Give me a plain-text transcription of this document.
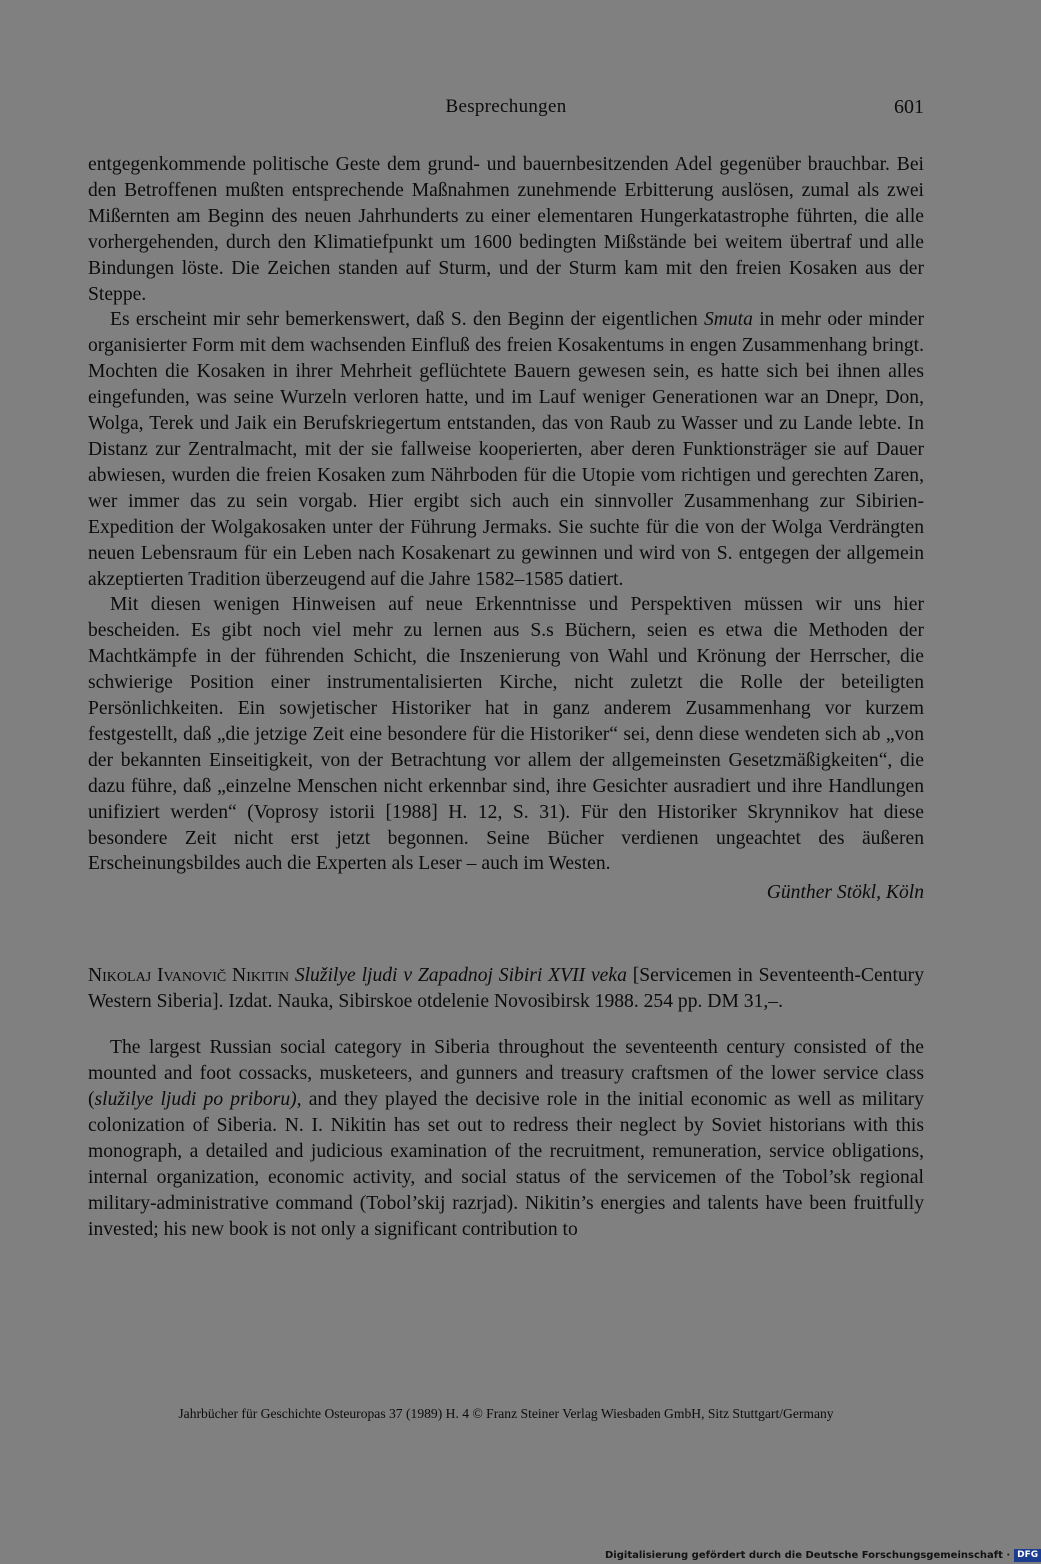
Besprechungen	601

entgegenkommende politische Geste dem grund- und bauernbesitzenden Adel gegenüber brauchbar. Bei den Betroffenen mußten entsprechende Maßnahmen zunehmende Erbitterung auslösen, zumal als zwei Mißernten am Beginn des neuen Jahrhunderts zu einer elementaren Hungerkatastrophe führten, die alle vorhergehenden, durch den Klimatiefpunkt um 1600 bedingten Mißstände bei weitem übertraf und alle Bindungen löste. Die Zeichen standen auf Sturm, und der Sturm kam mit den freien Kosaken aus der Steppe.

Es erscheint mir sehr bemerkenswert, daß S. den Beginn der eigentlichen Smuta in mehr oder minder organisierter Form mit dem wachsenden Einfluß des freien Kosakentums in engen Zusammenhang bringt. Mochten die Kosaken in ihrer Mehrheit geflüchtete Bauern gewesen sein, es hatte sich bei ihnen alles eingefunden, was seine Wurzeln verloren hatte, und im Lauf weniger Generationen war an Dnepr, Don, Wolga, Terek und Jaik ein Berufskriegertum entstanden, das von Raub zu Wasser und zu Lande lebte. In Distanz zur Zentralmacht, mit der sie fallweise kooperierten, aber deren Funktionsträger sie auf Dauer abwiesen, wurden die freien Kosaken zum Nährboden für die Utopie vom richtigen und gerechten Zaren, wer immer das zu sein vorgab. Hier ergibt sich auch ein sinnvoller Zusammenhang zur Sibirien-Expedition der Wolgakosaken unter der Führung Jermaks. Sie suchte für die von der Wolga Verdrängten neuen Lebensraum für ein Leben nach Kosakenart zu gewinnen und wird von S. entgegen der allgemein akzeptierten Tradition überzeugend auf die Jahre 1582–1585 datiert.

Mit diesen wenigen Hinweisen auf neue Erkenntnisse und Perspektiven müssen wir uns hier bescheiden. Es gibt noch viel mehr zu lernen aus S.s Büchern, seien es etwa die Methoden der Machtkämpfe in der führenden Schicht, die Inszenierung von Wahl und Krönung der Herrscher, die schwierige Position einer instrumentalisierten Kirche, nicht zuletzt die Rolle der beteiligten Persönlichkeiten. Ein sowjetischer Historiker hat in ganz anderem Zusammenhang vor kurzem festgestellt, daß „die jetzige Zeit eine besondere für die Historiker“ sei, denn diese wendeten sich ab „von der bekannten Einseitigkeit, von der Betrachtung vor allem der allgemeinsten Gesetzmäßigkeiten“, die dazu führe, daß „einzelne Menschen nicht erkennbar sind, ihre Gesichter ausradiert und ihre Handlungen unifiziert werden“ (Voprosy istorii [1988] H. 12, S. 31). Für den Historiker Skrynnikov hat diese besondere Zeit nicht erst jetzt begonnen. Seine Bücher verdienen ungeachtet des äußeren Erscheinungsbildes auch die Experten als Leser – auch im Westen.

Günther Stökl, Köln
Nikolaj Ivanovič Nikitin Služilye ljudi v Zapadnoj Sibiri XVII veka [Servicemen in Seventeenth-Century Western Siberia]. Izdat. Nauka, Sibirskoe otdelenie Novosibirsk 1988. 254 pp. DM 31,–.

The largest Russian social category in Siberia throughout the seventeenth century consisted of the mounted and foot cossacks, musketeers, and gunners and treasury craftsmen of the lower service class (služilye ljudi po priboru), and they played the decisive role in the initial economic as well as military colonization of Siberia. N. I. Nikitin has set out to redress their neglect by Soviet historians with this monograph, a detailed and judicious examination of the recruitment, remuneration, service obligations, internal organization, economic activity, and social status of the servicemen of the Tobol’sk regional military-administrative command (Tobol’skij razrjad). Nikitin’s energies and talents have been fruitfully invested; his new book is not only a significant contribution to

Jahrbücher für Geschichte Osteuropas 37 (1989) H. 4 © Franz Steiner Verlag Wiesbaden GmbH, Sitz Stuttgart/Germany
Digitalisierung gefördert durch die Deutsche Forschungsgemeinschaft · DFG
